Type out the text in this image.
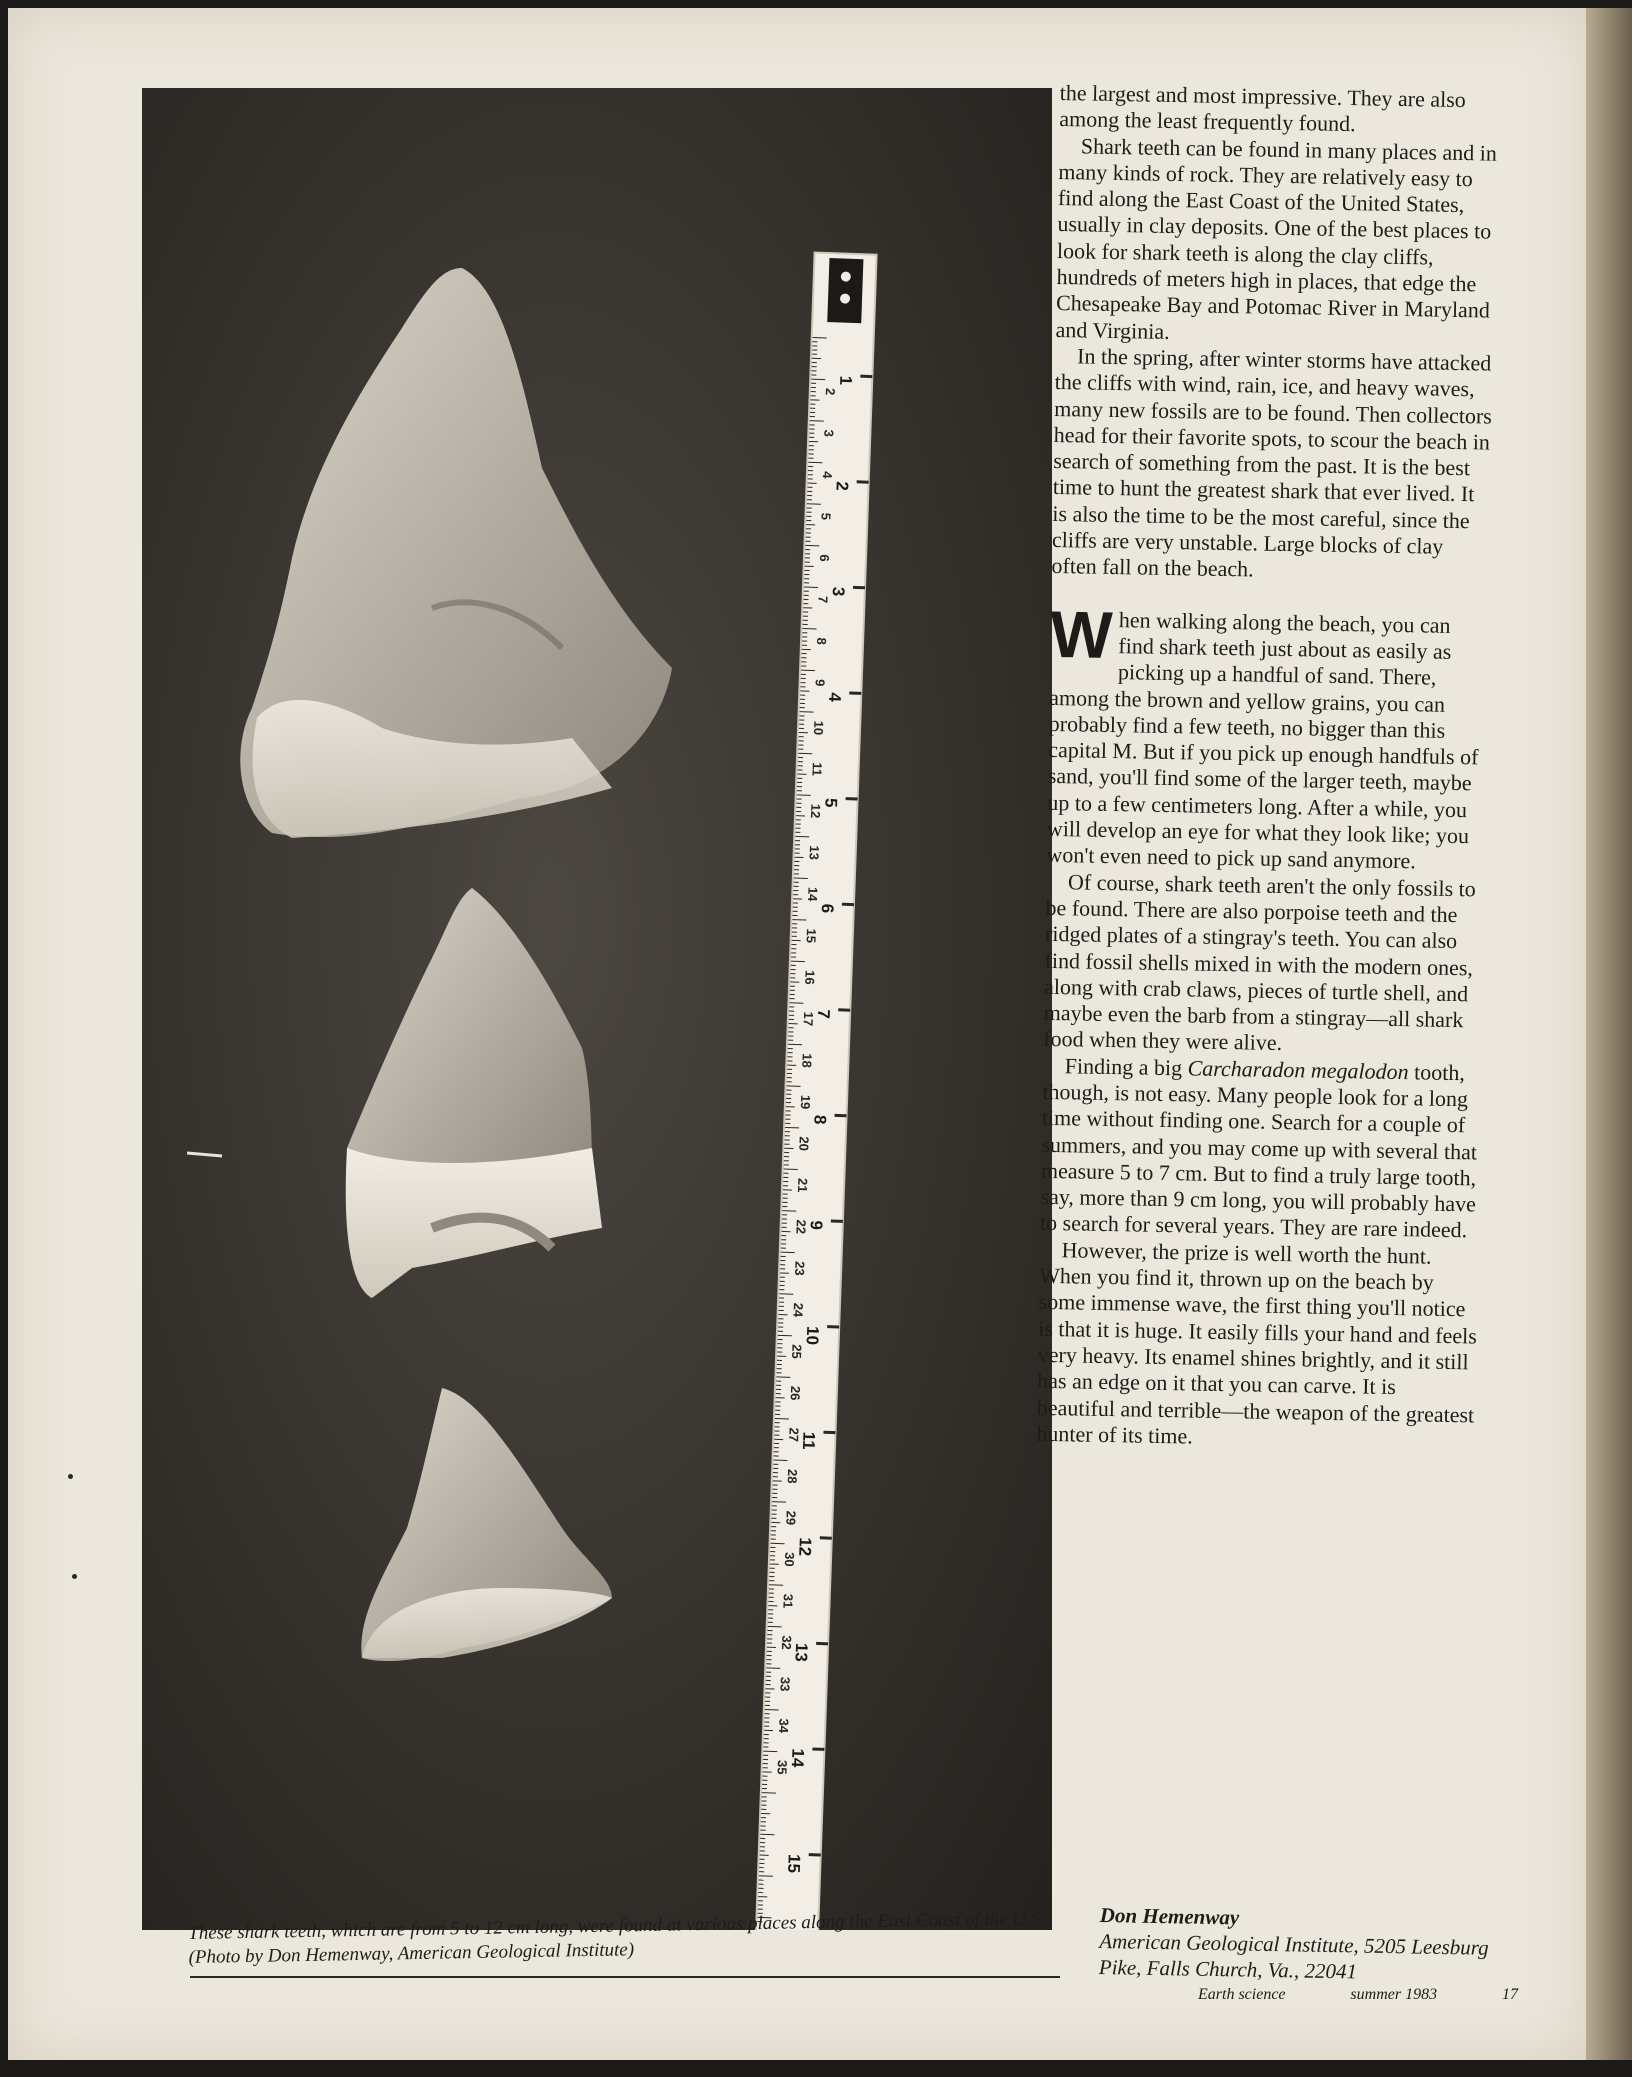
1
2
3
4
5
6
7
8
9
10
11
12
13
14
15
2
3
4
5
6
7
8
9
10
11
12
13
14
15
16
17
18
19
20
21
22
23
24
25
26
27
28
29
30
31
32
33
34
35
These shark teeth, which are from 5 to 12 cm long, were found at various places along the East Coast of the U.S. (Photo by Don Hemenway, American Geological Institute)

the largest and most impressive. They are also among the least frequently found.

Shark teeth can be found in many places and in many kinds of rock. They are relatively easy to find along the East Coast of the United States, usually in clay deposits. One of the best places to look for shark teeth is along the clay cliffs, hundreds of meters high in places, that edge the Chesapeake Bay and Potomac River in Maryland and Virginia.

In the spring, after winter storms have attacked the cliffs with wind, rain, ice, and heavy waves, many new fossils are to be found. Then collectors head for their favorite spots, to scour the beach in search of something from the past. It is the best time to hunt the greatest shark that ever lived. It is also the time to be the most careful, since the cliffs are very unstable. Large blocks of clay often fall on the beach.

When walking along the beach, you can find shark teeth just about as easily as picking up a handful of sand. There, among the brown and yellow grains, you can probably find a few teeth, no bigger than this capital M. But if you pick up enough handfuls of sand, you'll find some of the larger teeth, maybe up to a few centimeters long. After a while, you will develop an eye for what they look like; you won't even need to pick up sand anymore.

Of course, shark teeth aren't the only fossils to be found. There are also porpoise teeth and the ridged plates of a stingray's teeth. You can also find fossil shells mixed in with the modern ones, along with crab claws, pieces of turtle shell, and maybe even the barb from a stingray—all shark food when they were alive.

Finding a big Carcharadon megalodon tooth, though, is not easy. Many people look for a long time without finding one. Search for a couple of summers, and you may come up with several that measure 5 to 7 cm. But to find a truly large tooth, say, more than 9 cm long, you will probably have to search for several years. They are rare indeed.

However, the prize is well worth the hunt. When you find it, thrown up on the beach by some immense wave, the first thing you'll notice is that it is huge. It easily fills your hand and feels very heavy. Its enamel shines brightly, and it still has an edge on it that you can carve. It is beautiful and terrible—the weapon of the greatest hunter of its time.

Don Hemenway
American Geological Institute, 5205 Leesburg Pike, Falls Church, Va., 22041
Earth science	summer 1983	17
